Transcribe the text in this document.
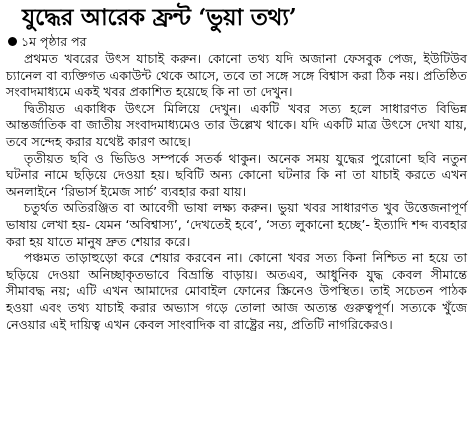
যুদ্ধের আরেক ফ্রন্ট ‘ভুয়া তথ্য’
১ম পৃষ্ঠার পর

প্রথমত খবরের উৎস যাচাই করুন। কোনো তথ্য যদি অজানা ফেসবুক পেজ, ইউটিউব চ্যানেল বা ব্যক্তিগত একাউন্ট থেকে আসে, তবে তা সঙ্গে সঙ্গে বিশ্বাস করা ঠিক নয়। প্রতিষ্ঠিত সংবাদমাধ্যমে একই খবর প্রকাশিত হয়েছে কি না তা দেখুন।

দ্বিতীয়ত একাধিক উৎসে মিলিয়ে দেখুন। একটি খবর সত্য হলে সাধারণত বিভিন্ন আন্তর্জাতিক বা জাতীয় সংবাদমাধ্যমেও তার উল্লেখ থাকে। যদি একটি মাত্র উৎসে দেখা যায়, তবে সন্দেহ করার যথেষ্ট কারণ আছে।

তৃতীয়ত ছবি ও ভিডিও সম্পর্কে সতর্ক থাকুন। অনেক সময় যুদ্ধের পুরোনো ছবি নতুন ঘটনার নামে ছড়িয়ে দেওয়া হয়। ছবিটি অন্য কোনো ঘটনার কি না তা যাচাই করতে এখন অনলাইনে ‘রিভার্স ইমেজ সার্চ’ ব্যবহার করা যায়।

চতুর্থত অতিরঞ্জিত বা আবেগী ভাষা লক্ষ্য করুন। ভুয়া খবর সাধারণত খুব উত্তেজনাপূর্ণ ভাষায় লেখা হয়- যেমন ‘অবিশ্বাস্য’, ‘দেখতেই হবে’, ‘সত্য লুকানো হচ্ছে’- ইত্যাদি শব্দ ব্যবহার করা হয় যাতে মানুষ দ্রুত শেয়ার করে।

পঞ্চমত তাড়াহুড়ো করে শেয়ার করবেন না। কোনো খবর সত্য কিনা নিশ্চিত না হয়ে তা ছড়িয়ে দেওয়া অনিচ্ছাকৃতভাবে বিভ্রান্তি বাড়ায়। অতএব, আধুনিক যুদ্ধ কেবল সীমান্তে সীমাবদ্ধ নয়; এটি এখন আমাদের মোবাইল ফোনের স্ক্রিনেও উপস্থিত। তাই সচেতন পাঠক হওয়া এবং তথ্য যাচাই করার অভ্যাস গড়ে তোলা আজ অত্যন্ত গুরুত্বপূর্ণ। সত্যকে খুঁজে নেওয়ার এই দায়িত্ব এখন কেবল সাংবাদিক বা রাষ্ট্রের নয়, প্রতিটি নাগরিকেরও।
